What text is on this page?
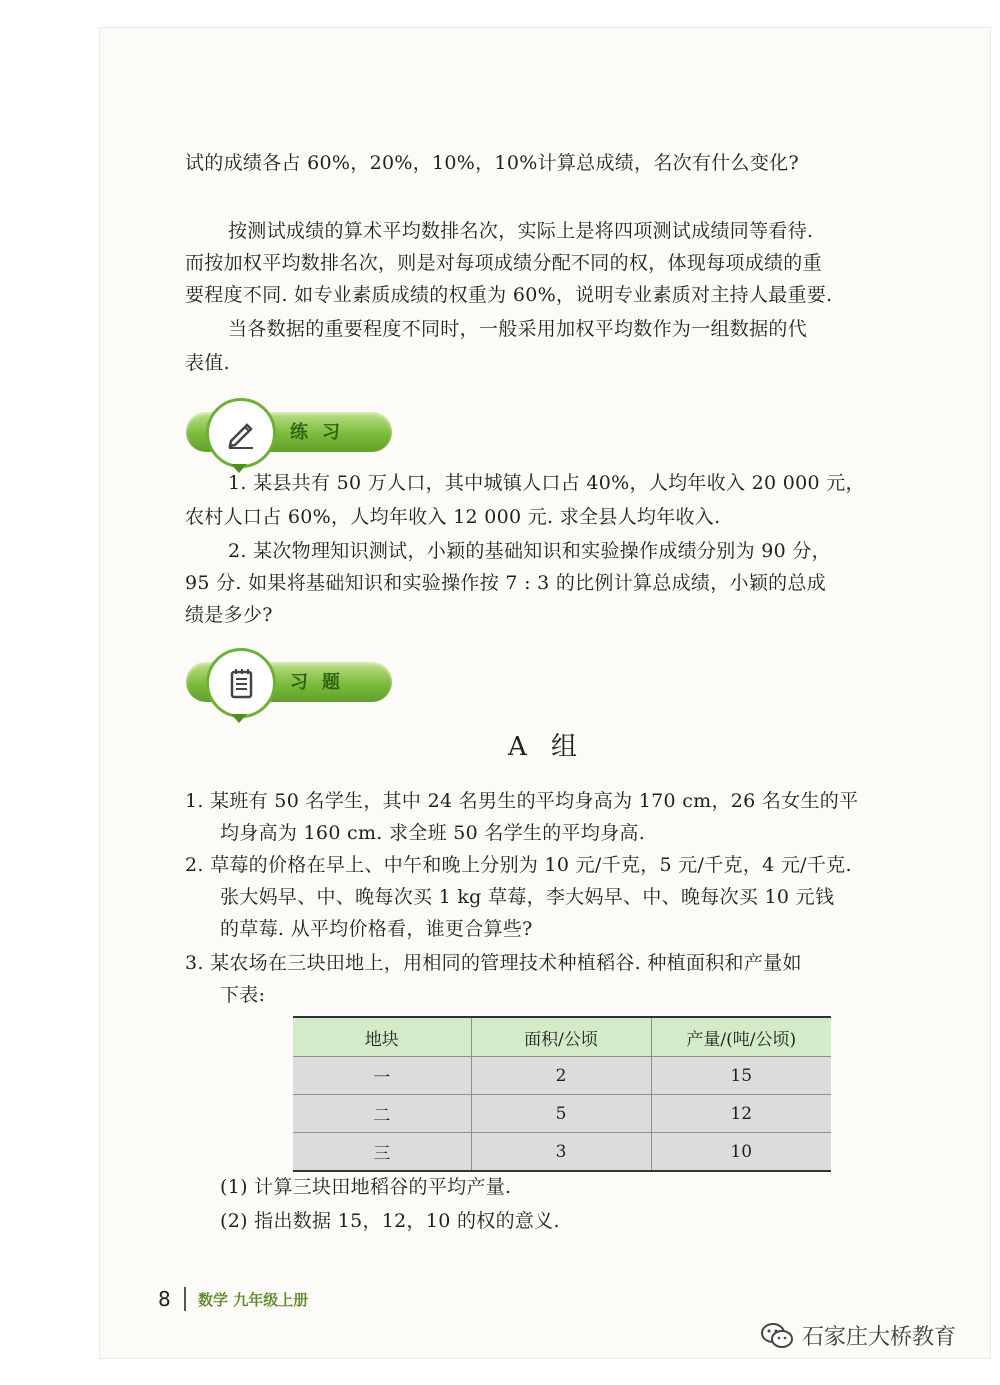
试的成绩各占 60%，20%，10%，10%计算总成绩，名次有什么变化?
按测试成绩的算术平均数排名次，实际上是将四项测试成绩同等看待.
而按加权平均数排名次，则是对每项成绩分配不同的权，体现每项成绩的重
要程度不同. 如专业素质成绩的权重为 60%，说明专业素质对主持人最重要.
当各数据的重要程度不同时，一般采用加权平均数作为一组数据的代
表值.
练习
1. 某县共有 50 万人口，其中城镇人口占 40%，人均年收入 20 000 元，
农村人口占 60%，人均年收入 12 000 元. 求全县人均年收入.
2. 某次物理知识测试，小颖的基础知识和实验操作成绩分别为 90 分，
95 分. 如果将基础知识和实验操作按 7 : 3 的比例计算总成绩，小颖的总成
绩是多少?
习题
A 组
1. 某班有 50 名学生，其中 24 名男生的平均身高为 170 cm，26 名女生的平
均身高为 160 cm. 求全班 50 名学生的平均身高.
2. 草莓的价格在早上、中午和晚上分别为 10 元/千克，5 元/千克，4 元/千克.
张大妈早、中、晚每次买 1 kg 草莓，李大妈早、中、晚每次买 10 元钱
的草莓. 从平均价格看，谁更合算些?
3. 某农场在三块田地上，用相同的管理技术种植稻谷. 种植面积和产量如
下表:
地块	面积/公顷	产量/(吨/公顷)
一	2	15
二	5	12
三	3	10
(1) 计算三块田地稻谷的平均产量.
(2) 指出数据 15，12，10 的权的意义.
8 数学 九年级上册
石家庄大桥教育
